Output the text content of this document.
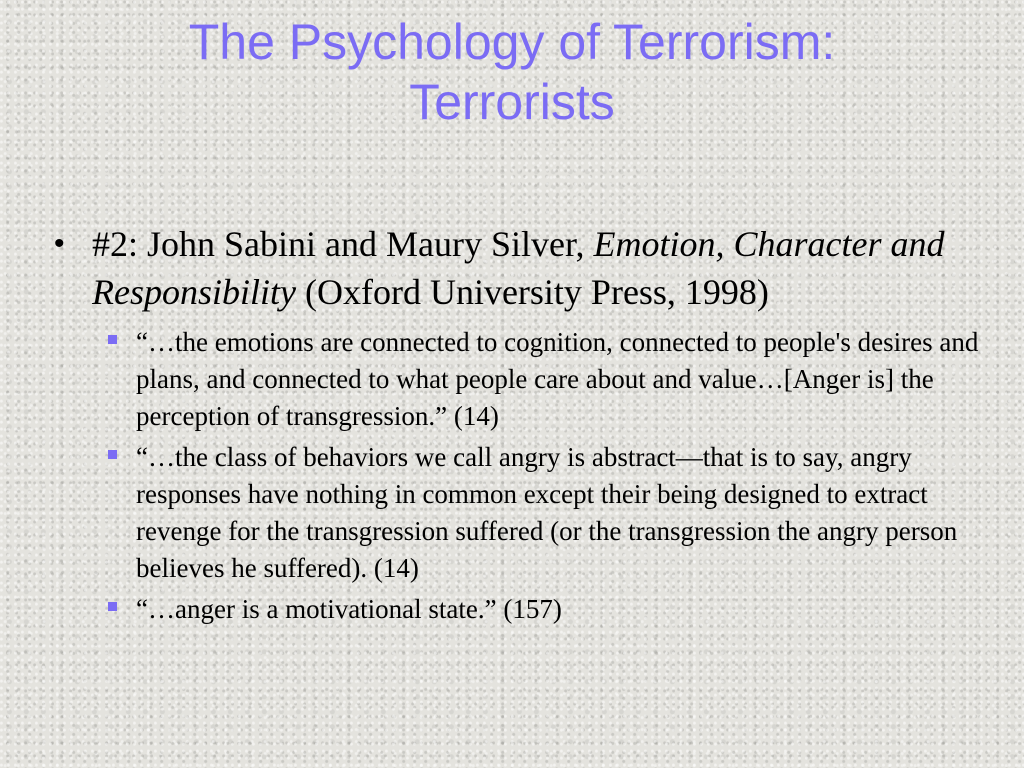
The Psychology of Terrorism:
Terrorists
• #2: John Sabini and Maury Silver, Emotion, Character and Responsibility (Oxford University Press, 1998)
“…the emotions are connected to cognition, connected to people's desires and plans, and connected to what people care about and value…[Anger is] the perception of transgression.” (14)
“…the class of behaviors we call angry is abstract—that is to say, angry responses have nothing in common except their being designed to extract revenge for the transgression suffered (or the transgression the angry person believes he suffered). (14)
“…anger is a motivational state.” (157)
